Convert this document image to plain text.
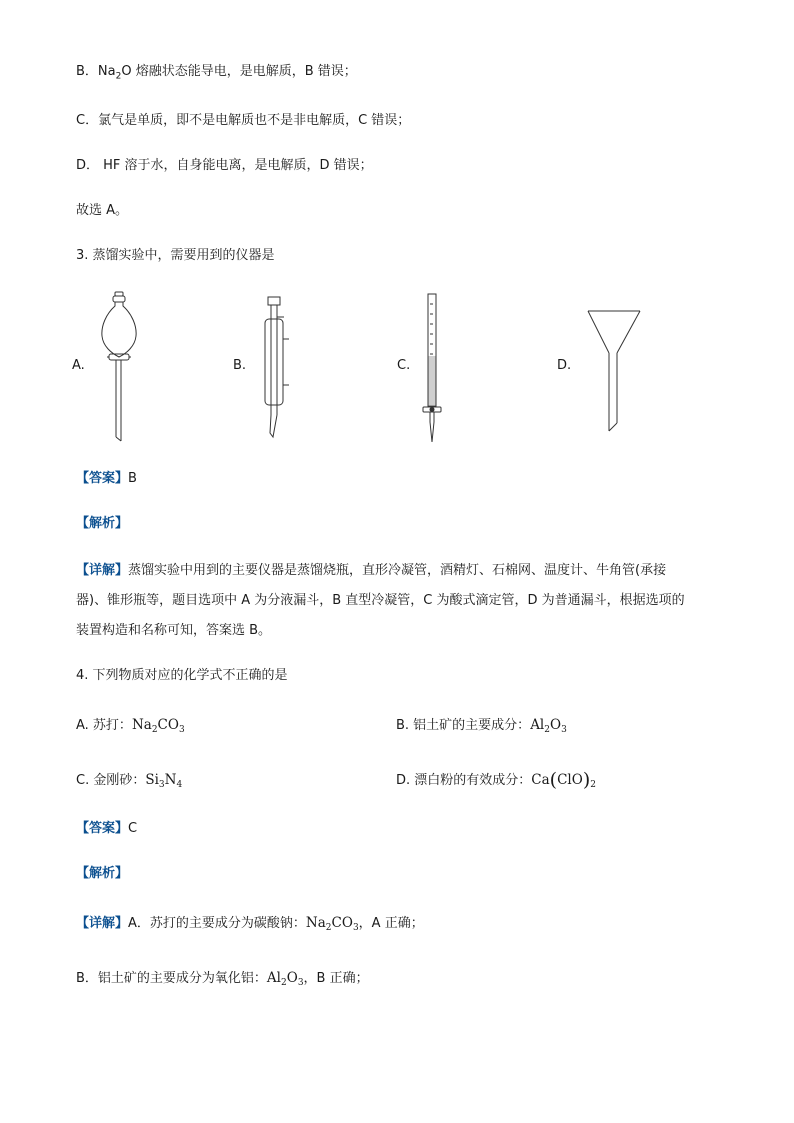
B．$Na_2O$ 熔融状态能导电，是电解质，B 错误；
C．氯气是单质，即不是电解质也不是非电解质，C 错误；
D． HF 溶于水，自身能电离，是电解质，D 错误；
故选 A。
3. 蒸馏实验中，需要用到的仪器是
A.	B.	C.	D.
【答案】B
【解析】
【详解】蒸馏实验中用到的主要仪器是蒸馏烧瓶，直形冷凝管，酒精灯、石棉网、温度计、牛角管(承接
器)、锥形瓶等，题目选项中 A 为分液漏斗，B 直型冷凝管，C 为酸式滴定管，D 为普通漏斗，根据选项的
装置构造和名称可知，答案选 B。
4. 下列物质对应的化学式不正确的是
A. 苏打：$Na_2CO_3$	B. 铝土矿的主要成分：$Al_2O_3$
C. 金刚砂：$Si_3N_4$	D. 漂白粉的有效成分：$Ca(ClO)_2$
【答案】C
【解析】
【详解】A．苏打的主要成分为碳酸钠：$Na_2CO_3$，A 正确；
B．铝土矿的主要成分为氧化铝：$Al_2O_3$，B 正确；
